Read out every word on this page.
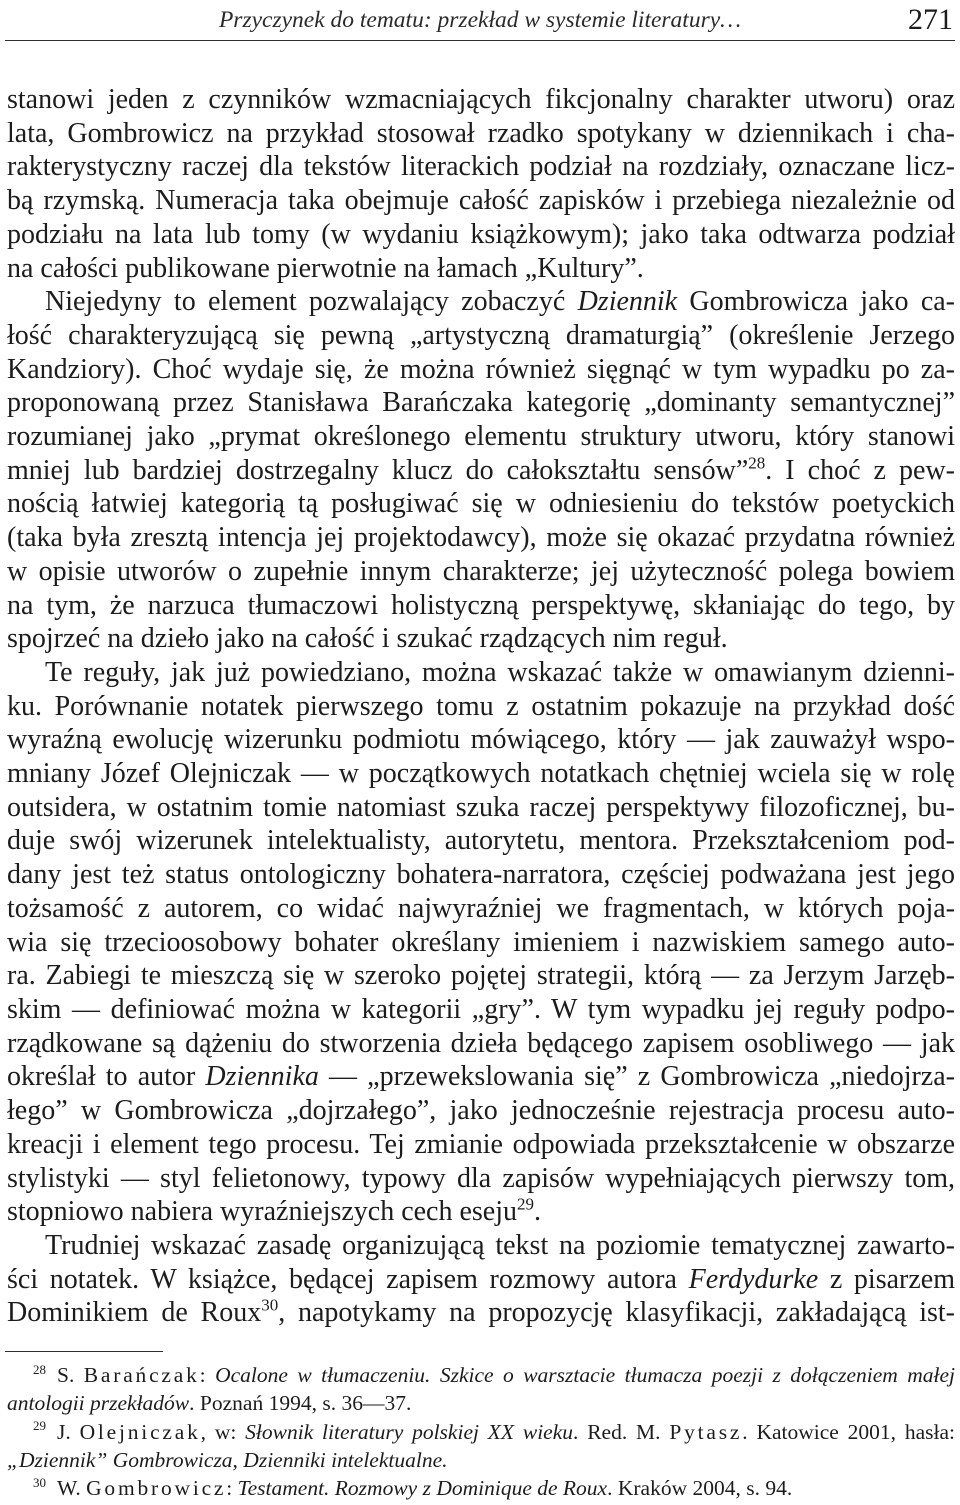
Przyczynek do tematu: przekład w systemie literatury…	271
stanowi jeden z czynników wzmacniających fikcjonalny charakter utworu) oraz
lata, Gombrowicz na przykład stosował rzadko spotykany w dziennikach i cha-
rakterystyczny raczej dla tekstów literackich podział na rozdziały, oznaczane licz-
bą rzymską. Numeracja taka obejmuje całość zapisków i przebiega niezależnie od
podziału na lata lub tomy (w wydaniu książkowym); jako taka odtwarza podział
na całości publikowane pierwotnie na łamach „Kultury”.
Niejedyny to element pozwalający zobaczyć Dziennik Gombrowicza jako ca-
łość charakteryzującą się pewną „artystyczną dramaturgią” (określenie Jerzego
Kandziory). Choć wydaje się, że można również sięgnąć w tym wypadku po za-
proponowaną przez Stanisława Barańczaka kategorię „dominanty semantycznej”
rozumianej jako „prymat określonego elementu struktury utworu, który stanowi
mniej lub bardziej dostrzegalny klucz do całokształtu sensów”$^{28}$. I choć z pew-
nością łatwiej kategorią tą posługiwać się w odniesieniu do tekstów poetyckich
(taka była zresztą intencja jej projektodawcy), może się okazać przydatna również
w opisie utworów o zupełnie innym charakterze; jej użyteczność polega bowiem
na tym, że narzuca tłumaczowi holistyczną perspektywę, skłaniając do tego, by
spojrzeć na dzieło jako na całość i szukać rządzących nim reguł.
Te reguły, jak już powiedziano, można wskazać także w omawianym dzienni-
ku. Porównanie notatek pierwszego tomu z ostatnim pokazuje na przykład dość
wyraźną ewolucję wizerunku podmiotu mówiącego, który — jak zauważył wspo-
mniany Józef Olejniczak — w początkowych notatkach chętniej wciela się w rolę
outsidera, w ostatnim tomie natomiast szuka raczej perspektywy filozoficznej, bu-
duje swój wizerunek intelektualisty, autorytetu, mentora. Przekształceniom pod-
dany jest też status ontologiczny bohatera-narratora, częściej podważana jest jego
tożsamość z autorem, co widać najwyraźniej we fragmentach, w których poja-
wia się trzecioosobowy bohater określany imieniem i nazwiskiem samego auto-
ra. Zabiegi te mieszczą się w szeroko pojętej strategii, którą — za Jerzym Jarzęb-
skim — definiować można w kategorii „gry”. W tym wypadku jej reguły podpo-
rządkowane są dążeniu do stworzenia dzieła będącego zapisem osobliwego — jak
określał to autor Dziennika — „przewekslowania się” z Gombrowicza „niedojrza-
łego” w Gombrowicza „dojrzałego”, jako jednocześnie rejestracja procesu auto-
kreacji i element tego procesu. Tej zmianie odpowiada przekształcenie w obszarze
stylistyki — styl felietonowy, typowy dla zapisów wypełniających pierwszy tom,
stopniowo nabiera wyraźniejszych cech eseju$^{29}$.
Trudniej wskazać zasadę organizującą tekst na poziomie tematycznej zawarto-
ści notatek. W książce, będącej zapisem rozmowy autora Ferdydurke z pisarzem
Dominikiem de Roux$^{30}$, napotykamy na propozycję klasyfikacji, zakładającą ist-
$^{28}$ S. Barańczak: Ocalone w tłumaczeniu. Szkice o warsztacie tłumacza poezji z dołączeniem małej
antologii przekładów. Poznań 1994, s. 36—37.
$^{29}$ J. Olejniczak, w: Słownik literatury polskiej XX wieku. Red. M. Pytasz. Katowice 2001, hasła:
„Dziennik” Gombrowicza, Dzienniki intelektualne.
$^{30}$ W. Gombrowicz: Testament. Rozmowy z Dominique de Roux. Kraków 2004, s. 94.
